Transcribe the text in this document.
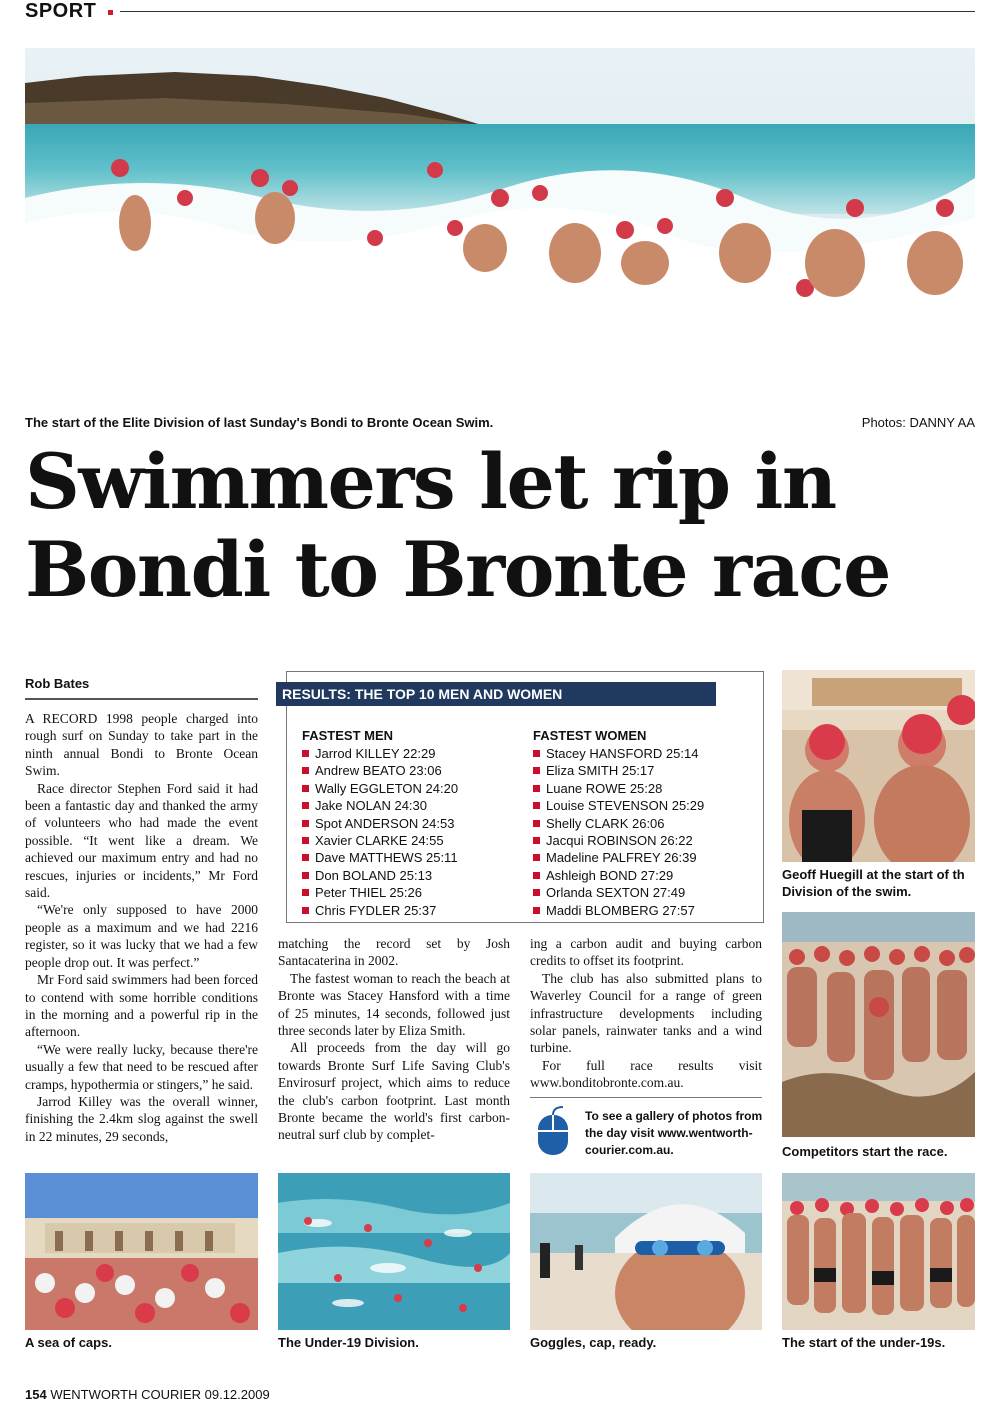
SPORT
The start of the Elite Division of last Sunday's Bondi to Bronte Ocean Swim.	Photos: DANNY AA
Swimmers let rip in
Bondi to Bronte race
Rob Bates

A RECORD 1998 people charged into rough surf on Sunday to take part in the ninth annual Bondi to Bronte Ocean Swim.

Race director Stephen Ford said it had been a fantastic day and thanked the army of volunteers who had made the event possible. “It went like a dream. We achieved our maximum entry and had no rescues, injuries or incidents,” Mr Ford said.

“We're only supposed to have 2000 people as a maximum and we had 2216 register, so it was lucky that we had a few people drop out. It was perfect.”

Mr Ford said swimmers had been forced to contend with some horrible conditions in the morning and a powerful rip in the afternoon.

“We were really lucky, because there're usually a few that need to be rescued after cramps, hypothermia or stingers,” he said.

Jarrod Killey was the overall winner, finishing the 2.4km slog against the swell in 22 minutes, 29 seconds,

matching the record set by Josh Santacaterina in 2002.

The fastest woman to reach the beach at Bronte was Stacey Hansford with a time of 25 minutes, 14 seconds, followed just three seconds later by Eliza Smith.

All proceeds from the day will go towards Bronte Surf Life Saving Club's Envirosurf project, which aims to reduce the club's carbon footprint. Last month Bronte became the world's first carbon-neutral surf club by complet-

ing a carbon audit and buying carbon credits to offset its footprint.

The club has also submitted plans to Waverley Council for a range of green infrastructure developments including solar panels, rainwater tanks and a wind turbine.

For full race results visit www.bonditobronte.com.au.

RESULTS: THE TOP 10 MEN AND WOMEN
FASTEST MEN
Jarrod KILLEY 22:29
Andrew BEATO 23:06
Wally EGGLETON 24:20
Jake NOLAN 24:30
Spot ANDERSON 24:53
Xavier CLARKE 24:55
Dave MATTHEWS 25:11
Don BOLAND 25:13
Peter THIEL 25:26
Chris FYDLER 25:37
FASTEST WOMEN
Stacey HANSFORD 25:14
Eliza SMITH 25:17
Luane ROWE 25:28
Louise STEVENSON 25:29
Shelly CLARK 26:06
Jacqui ROBINSON 26:22
Madeline PALFREY 26:39
Ashleigh BOND 27:29
Orlanda SEXTON 27:49
Maddi BLOMBERG 27:57
To see a gallery of photos from the day visit www.wentworth-courier.com.au.
Geoff Huegill at the start of th
Division of the swim.
Competitors start the race.
A sea of caps.	The Under-19 Division.	Goggles, cap, ready.	The start of the under-19s.
154 WENTWORTH COURIER 09.12.2009
